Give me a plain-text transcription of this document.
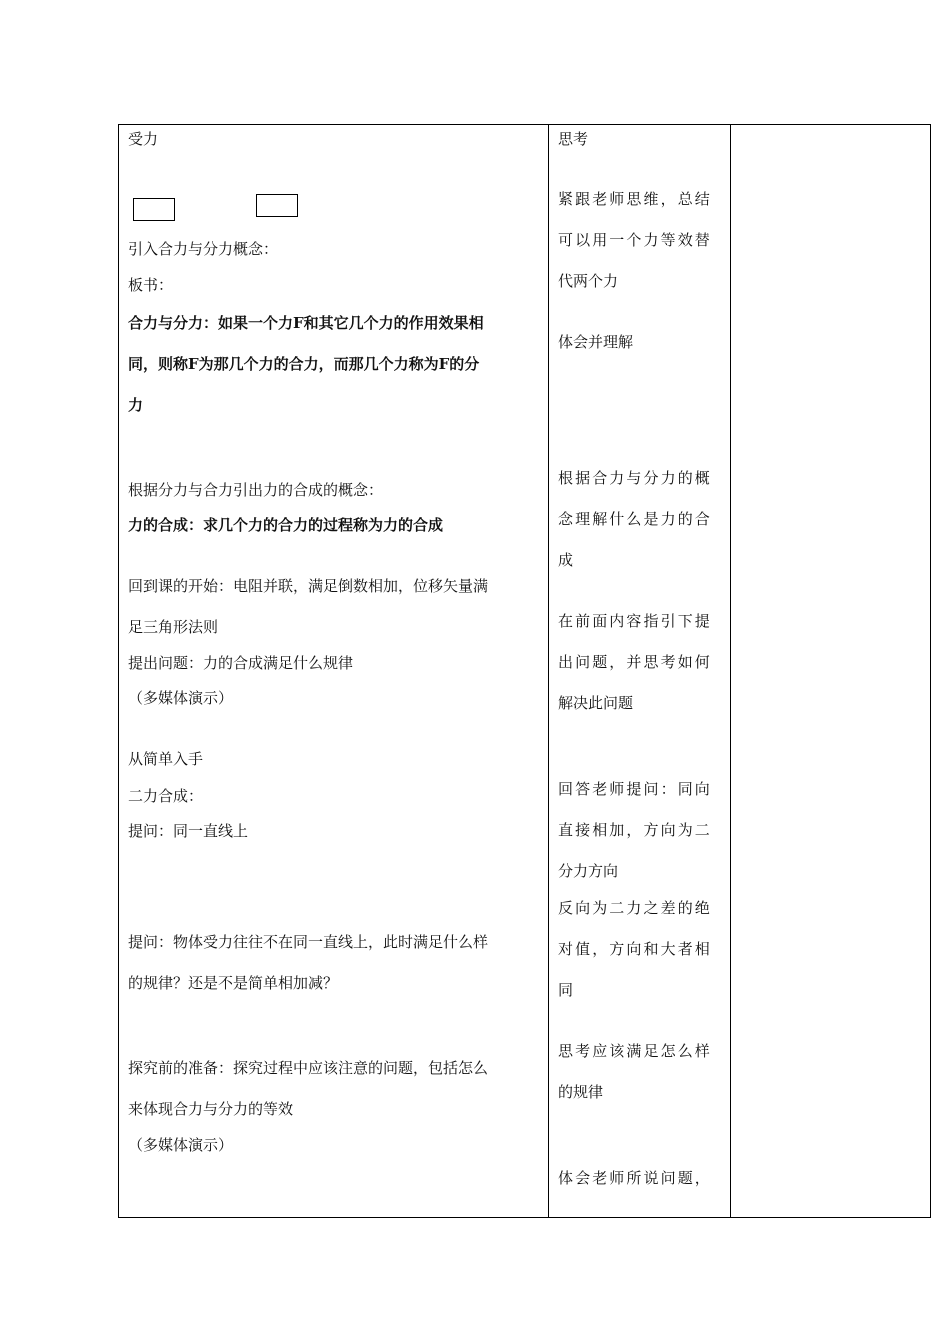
受力
引入合力与分力概念：
板书：
合力与分力：如果一个力F和其它几个力的作用效果相
同，则称F为那几个力的合力，而那几个力称为F的分
力
根据分力与合力引出力的合成的概念：
力的合成：求几个力的合力的过程称为力的合成
回到课的开始：电阻并联，满足倒数相加，位移矢量满
足三角形法则
提出问题：力的合成满足什么规律
（多媒体演示）
从简单入手
二力合成：
提问：同一直线上
提问：物体受力往往不在同一直线上，此时满足什么样
的规律？还是不是简单相加减？
探究前的准备：探究过程中应该注意的问题，包括怎么
来体现合力与分力的等效
（多媒体演示）
思考
紧跟老师思维，总结
可以用一个力等效替
代两个力
体会并理解
根据合力与分力的概
念理解什么是力的合
成
在前面内容指引下提
出问题，并思考如何
解决此问题
回答老师提问：同向
直接相加，方向为二
分力方向
反向为二力之差的绝
对值，方向和大者相
同
思考应该满足怎么样
的规律
体会老师所说问题，
